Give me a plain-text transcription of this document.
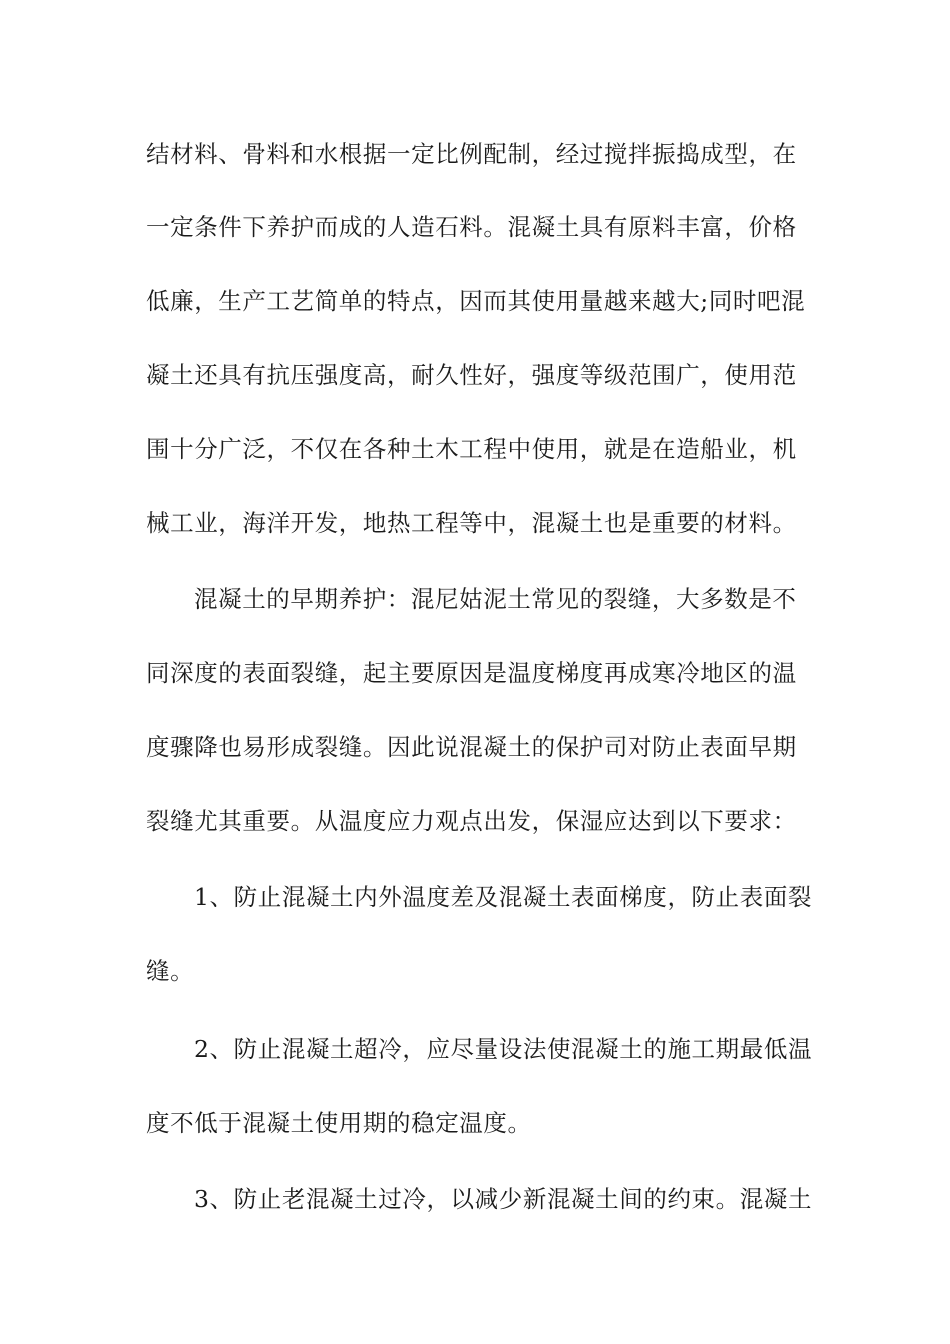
结材料、骨料和水根据一定比例配制，经过搅拌振捣成型，在
一定条件下养护而成的人造石料。混凝土具有原料丰富，价格
低廉，生产工艺简单的特点，因而其使用量越来越大;同时吧混
凝土还具有抗压强度高，耐久性好，强度等级范围广，使用范
围十分广泛，不仅在各种土木工程中使用，就是在造船业，机
械工业，海洋开发，地热工程等中，混凝土也是重要的材料。
混凝土的早期养护：混尼姑泥土常见的裂缝，大多数是不
同深度的表面裂缝，起主要原因是温度梯度再成寒冷地区的温
度骤降也易形成裂缝。因此说混凝土的保护司对防止表面早期
裂缝尤其重要。从温度应力观点出发，保湿应达到以下要求：
1、防止混凝土内外温度差及混凝土表面梯度，防止表面裂
缝。
2、防止混凝土超冷，应尽量设法使混凝土的施工期最低温
度不低于混凝土使用期的稳定温度。
3、防止老混凝土过冷，以减少新混凝土间的约束。混凝土
